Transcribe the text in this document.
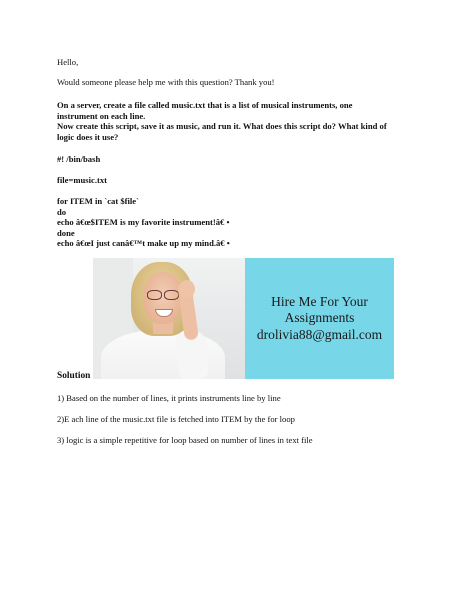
Hello,
Would someone please help me with this question? Thank you!
On a server, create a file called music.txt that is a list of musical instruments, one
instrument on each line.
Now create this script, save it as music, and run it. What does this script do? What kind of
logic does it use?
#! /bin/bash
file=music.txt
for ITEM in `cat $file`
do
echo â€œ$ITEM is my favorite instrument!â€ •
done
echo â€œI just canâ€™t make up my mind.â€ •
Hire Me For Your
Assignments
drolivia88@gmail.com
Solution
1) Based on the number of lines, it prints instruments line by line
2)E ach line of the music.txt file is fetched into ITEM by the for loop
3) logic is a simple repetitive for loop based on number of lines in text file
